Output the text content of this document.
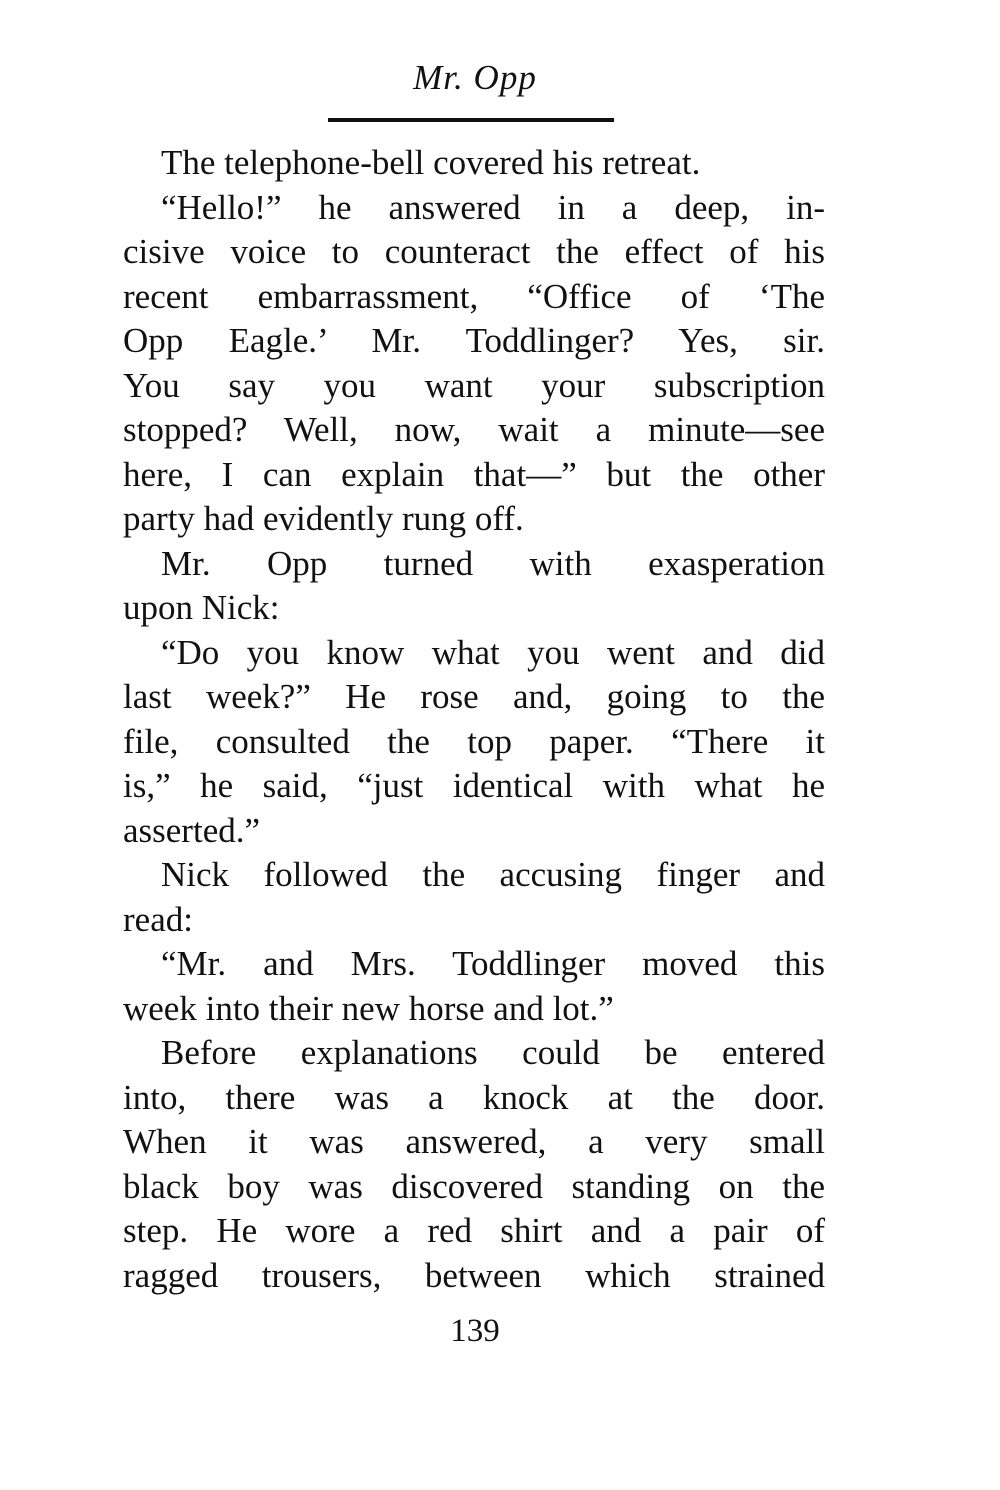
Mr. Opp

The telephone-bell covered his retreat.

“Hello!” he answered in a deep, in-
cisive voice to counteract the effect of his
recent embarrassment, “Office of ‘The
Opp Eagle.’ Mr. Toddlinger? Yes, sir.
You say you want your subscription
stopped? Well, now, wait a minute—see
here, I can explain that—” but the other
party had evidently rung off.

Mr. Opp turned with exasperation
upon Nick:

“Do you know what you went and did
last week?” He rose and, going to the
file, consulted the top paper. “There it
is,” he said, “just identical with what he
asserted.”

Nick followed the accusing finger and
read:

“Mr. and Mrs. Toddlinger moved this
week into their new horse and lot.”

Before explanations could be entered
into, there was a knock at the door.
When it was answered, a very small
black boy was discovered standing on the
step. He wore a red shirt and a pair of
ragged trousers, between which strained

139
